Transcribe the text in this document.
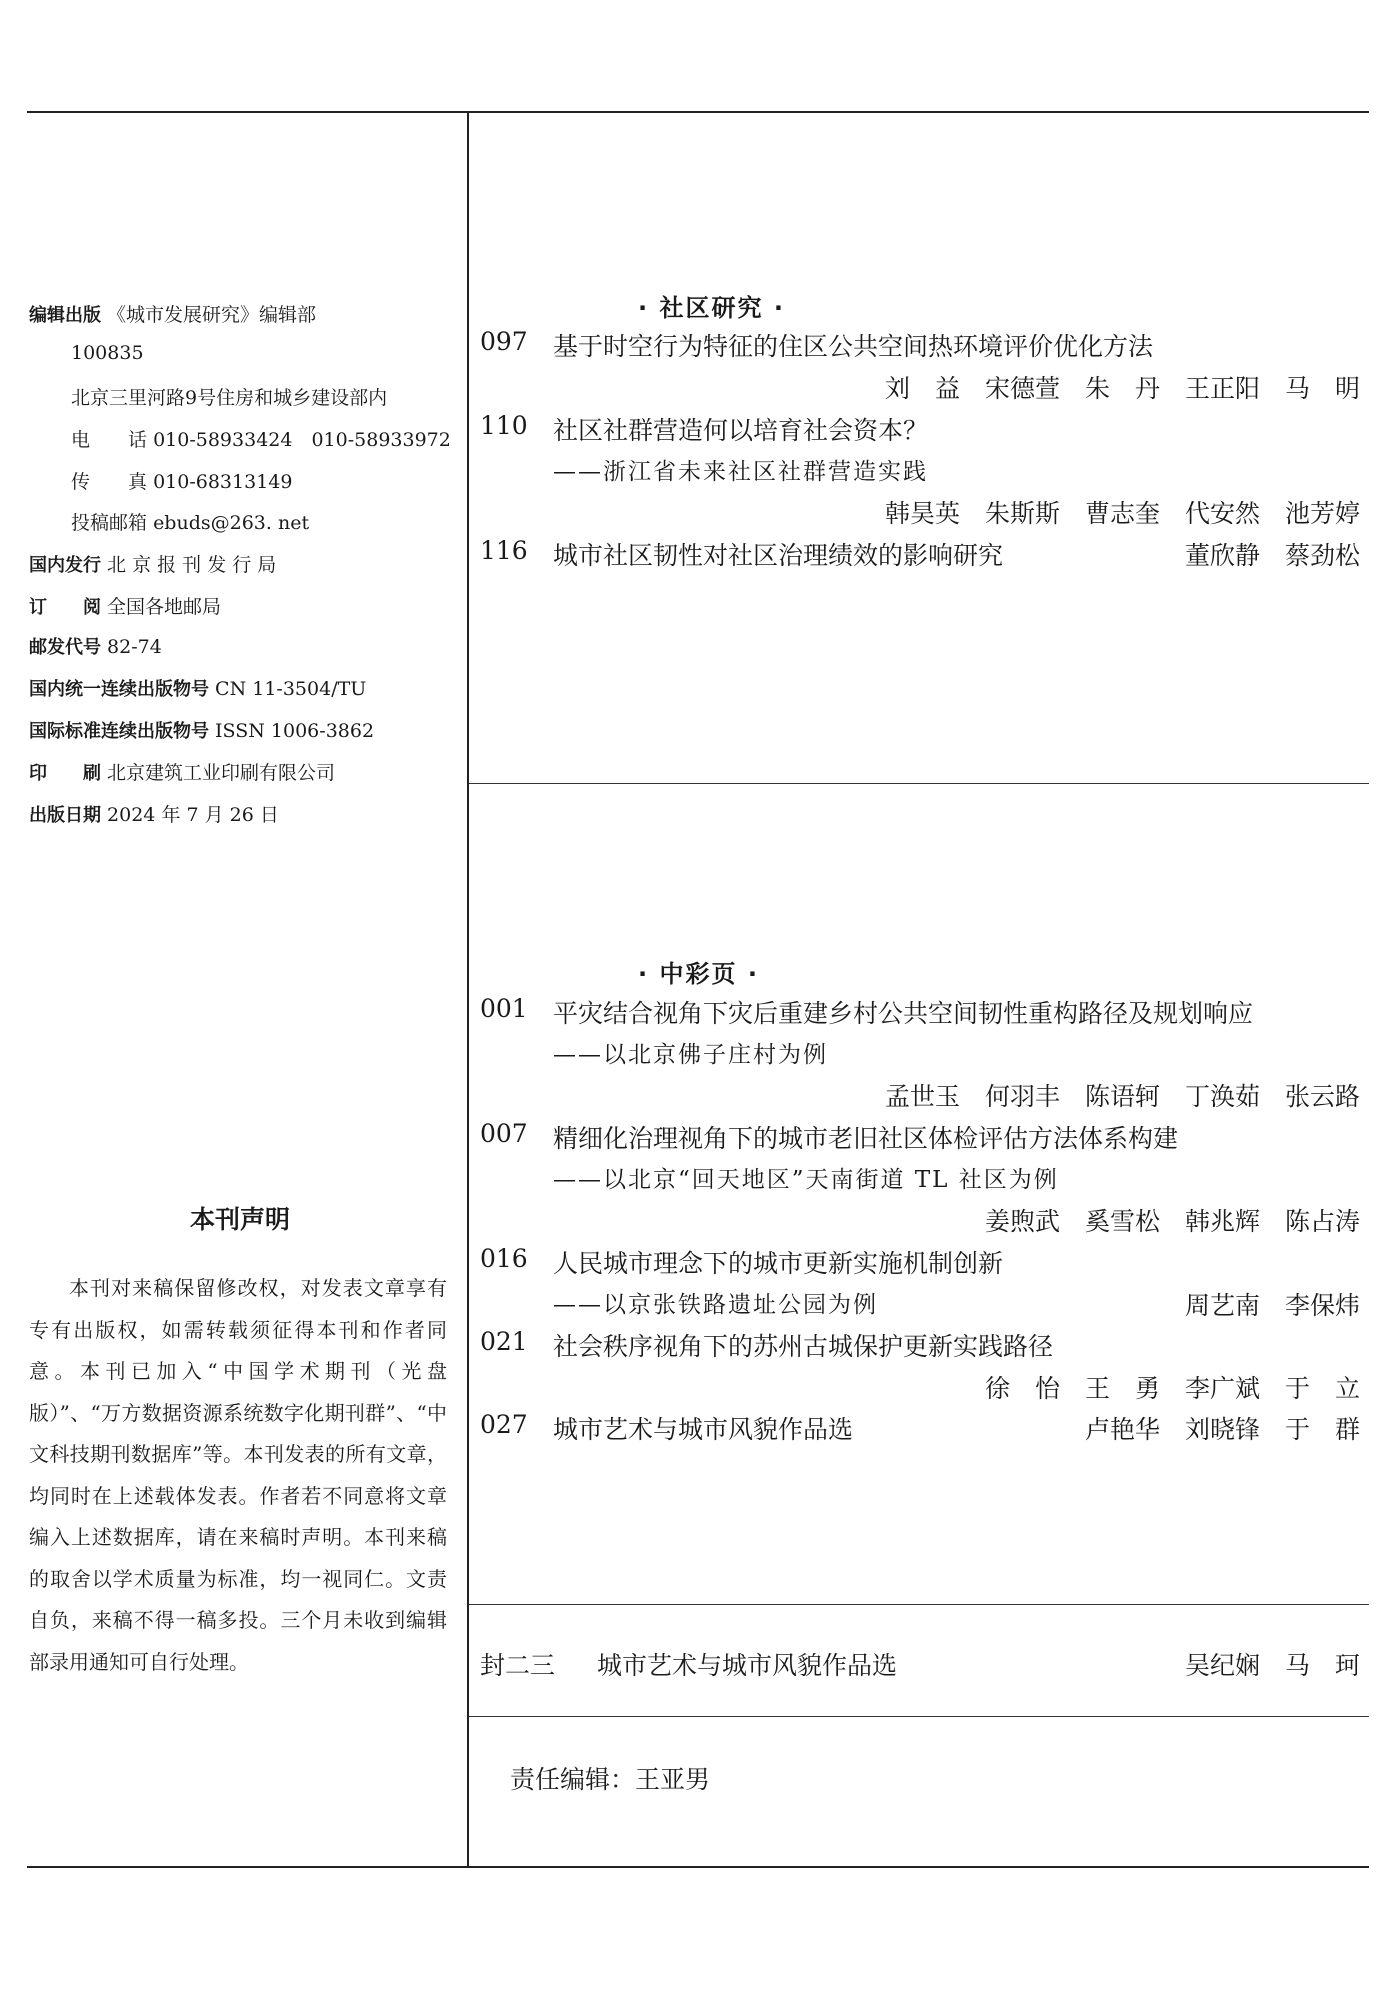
编辑出版 《城市发展研究》编辑部
100835
北京三里河路9号住房和城乡建设部内
电　　话 010-58933424　010-58933972
传　　真 010-68313149
投稿邮箱 ebuds@263. net
国内发行 北 京 报 刊 发 行 局
订　　阅 全国各地邮局
邮发代号 82-74
国内统一连续出版物号 CN 11-3504/TU
国际标准连续出版物号 ISSN 1006-3862
印　　刷 北京建筑工业印刷有限公司
出版日期 2024 年 7 月 26 日
本刊声明

本刊对来稿保留修改权，对发表文章享有专有出版权，如需转载须征得本刊和作者同意。本刊已加入“中国学术期刊（光盘版）”、“万方数据资源系统数字化期刊群”、“中文科技期刊数据库”等。本刊发表的所有文章，均同时在上述载体发表。作者若不同意将文章编入上述数据库，请在来稿时声明。本刊来稿的取舍以学术质量为标准，均一视同仁。文责自负，来稿不得一稿多投。三个月未收到编辑部录用通知可自行处理。

· 社区研究 ·
097 基于时空行为特征的住区公共空间热环境评价优化方法
刘　益　宋德萱　朱　丹　王正阳　马　明
110 社区社群营造何以培育社会资本？
——浙江省未来社区社群营造实践
韩昊英　朱斯斯　曹志奎　代安然　池芳婷
116 城市社区韧性对社区治理绩效的影响研究	董欣静　蔡劲松
· 中彩页 ·
001 平灾结合视角下灾后重建乡村公共空间韧性重构路径及规划响应
——以北京佛子庄村为例
孟世玉　何羽丰　陈语轲　丁涣茹　张云路
007 精细化治理视角下的城市老旧社区体检评估方法体系构建
——以北京“回天地区”天南街道 TL 社区为例
姜煦武　奚雪松　韩兆辉　陈占涛
016 人民城市理念下的城市更新实施机制创新
——以京张铁路遗址公园为例	周艺南　李保炜
021 社会秩序视角下的苏州古城保护更新实践路径
徐　怡　王　勇　李广斌　于　立
027 城市艺术与城市风貌作品选	卢艳华　刘晓锋　于　群
封二三 城市艺术与城市风貌作品选	吴纪娴　马　珂
责任编辑：王亚男
